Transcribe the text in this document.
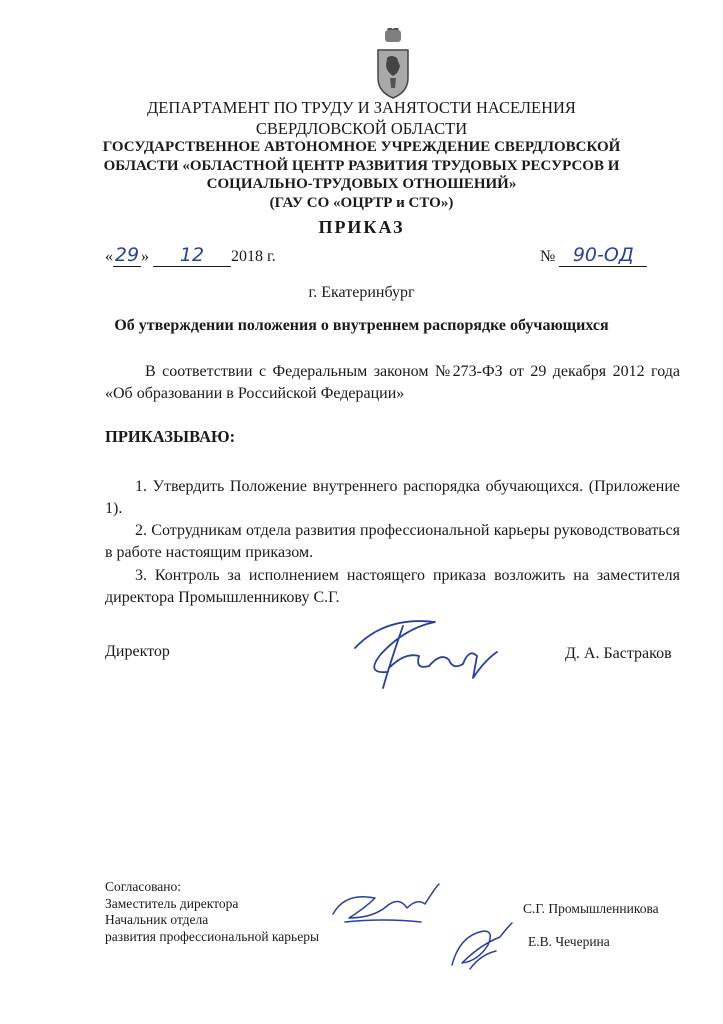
ДЕПАРТАМЕНТ ПО ТРУДУ И ЗАНЯТОСТИ НАСЕЛЕНИЯ
СВЕРДЛОВСКОЙ ОБЛАСТИ
ГОСУДАРСТВЕННОЕ АВТОНОМНОЕ УЧРЕЖДЕНИЕ СВЕРДЛОВСКОЙ
ОБЛАСТИ «ОБЛАСТНОЙ ЦЕНТР РАЗВИТИЯ ТРУДОВЫХ РЕСУРСОВ И
СОЦИАЛЬНО-ТРУДОВЫХ ОТНОШЕНИЙ»
(ГАУ СО «ОЦРТР и СТО»)
ПРИКАЗ
« 29 » 12 2018 г.	№ 90-ОД
г. Екатеринбург
Об утверждении положения о внутреннем распорядке обучающихся
В соответствии с Федеральным законом №273-ФЗ от 29 декабря 2012 года «Об образовании в Российской Федерации»
ПРИКАЗЫВАЮ:
1. Утвердить Положение внутреннего распорядка обучающихся. (Приложение 1).
2. Сотрудникам отдела развития профессиональной карьеры руководствоваться в работе настоящим приказом.
3. Контроль за исполнением настоящего приказа возложить на заместителя директора Промышленникову С.Г.
Директор	Д. А. Бастраков
Согласовано:
Заместитель директора
Начальник отдела
развития профессиональной карьеры
С.Г. Промышленникова
Е.В. Чечерина
